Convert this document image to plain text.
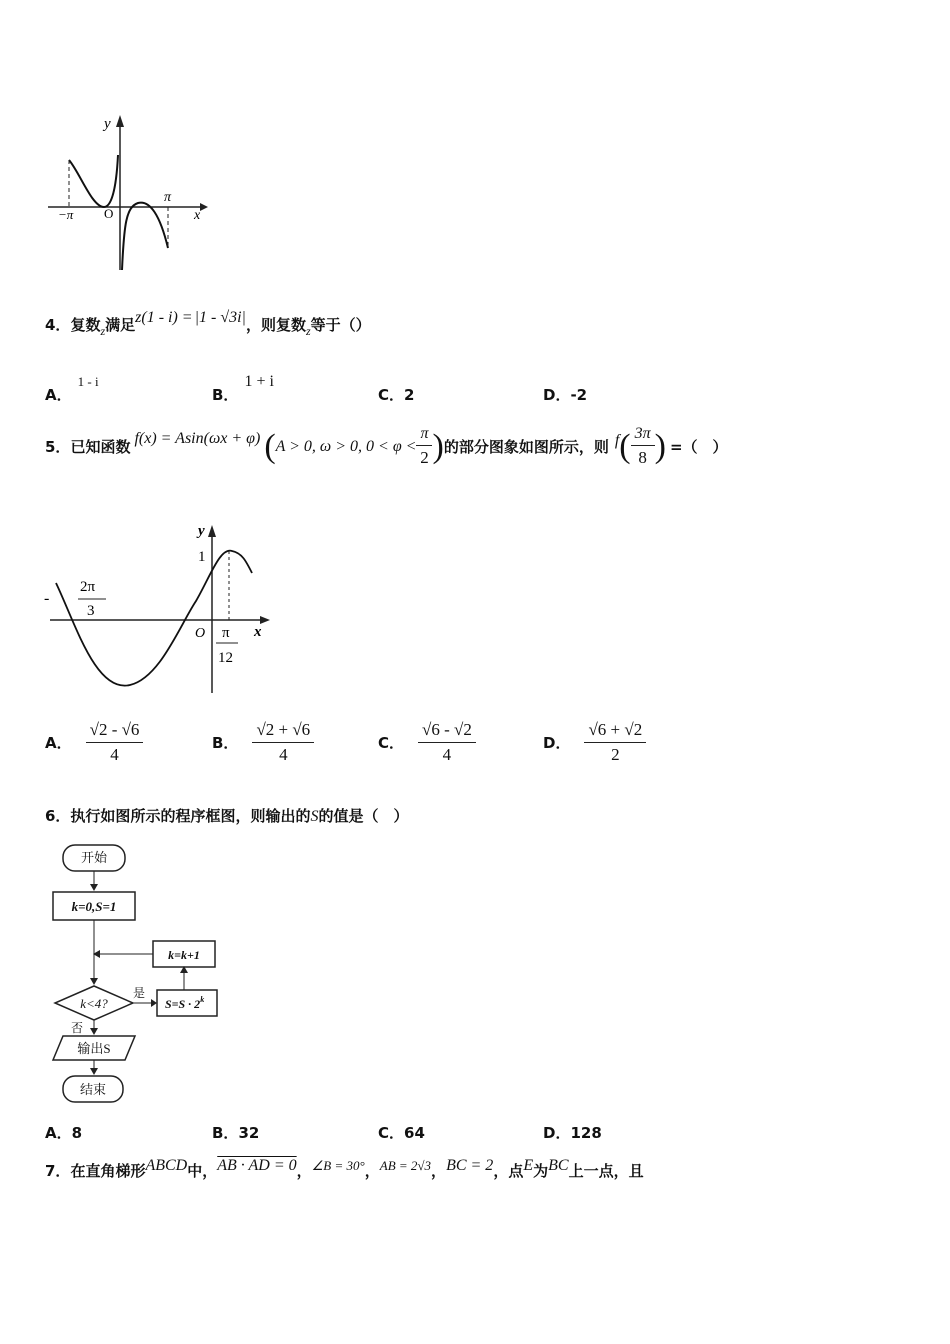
y
x
O
−π
π
4．复数$_z$满足z(1 - i) = |1 - √3i|，则复数$_z$等于（）
A．1 - i
B．1 + i
C．2	D．-2
5． 已知函数 f(x) = Asin(ωx + φ) ( A > 0, ω > 0, $0 < \varphi < \frac{\pi}{2}$ ) 的部分图象如图所示，则 f ( $\frac{3\pi}{8}$ ) =（　）
y
x
O
1
-
2π
3
π
12
A． $\frac{√2 - √6}{4}$	B． $\frac{√2 + √6}{4}$	C． $\frac{√6 - √2}{4}$	D． $\frac{√6 + √2}{2}$
6．执行如图所示的程序框图，则输出的S的值是（　）
开始
k=0,S=1
k=k+1
k<4?
是
$S=S \cdot 2^k$
否
输出S
结束
A．8	B．32	C．64	D．128
7．在直角梯形ABCD中，AB · AD = 0，∠B = 30°，AB = 2√3，BC = 2，点E为BC上一点，且
